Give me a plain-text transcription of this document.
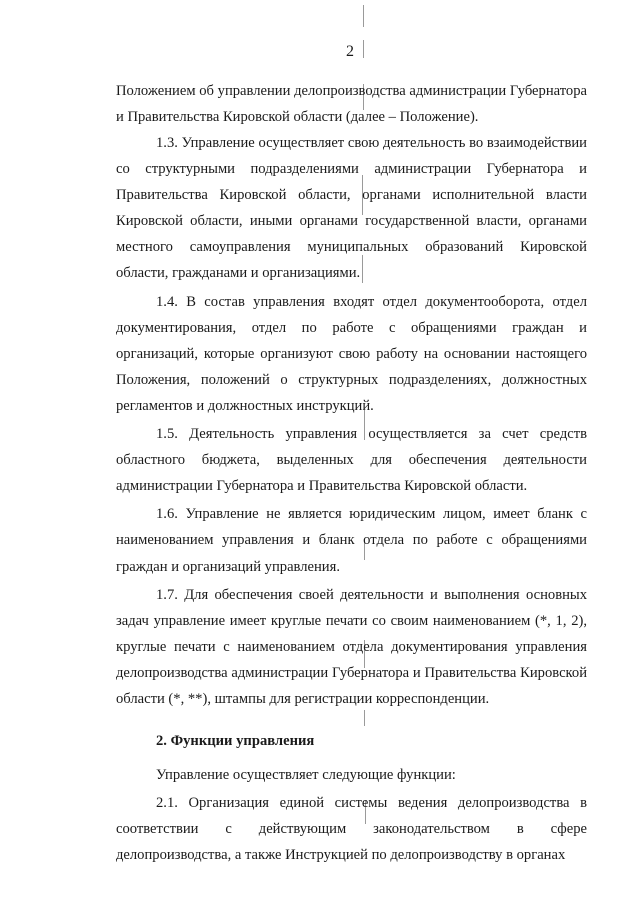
2

Положением об управлении делопроизводства администрации Губернатора и Правительства Кировской области (далее – Положение).

1.3. Управление осуществляет свою деятельность во взаимодействии со структурными подразделениями администрации Губернатора и Правительства Кировской области, органами исполнительной власти Кировской области, иными органами государственной власти, органами местного самоуправления муниципальных образований Кировской области, гражданами и организациями.

1.4. В состав управления входят отдел документооборота, отдел документирования, отдел по работе с обращениями граждан и организаций, которые организуют свою работу на основании настоящего Положения, положений о структурных подразделениях, должностных регламентов и должностных инструкций.

1.5. Деятельность управления осуществляется за счет средств областного бюджета, выделенных для обеспечения деятельности администрации Губернатора и Правительства Кировской области.

1.6. Управление не является юридическим лицом, имеет бланк с наименованием управления и бланк отдела по работе с обращениями граждан и организаций управления.

1.7. Для обеспечения своей деятельности и выполнения основных задач управление имеет круглые печати со своим наименованием (*, 1, 2), круглые печати с наименованием отдела документирования управления делопроизводства администрации Губернатора и Правительства Кировской области (*, **), штампы для регистрации корреспонденции.

2. Функции управления

Управление осуществляет следующие функции:

2.1. Организация единой системы ведения делопроизводства в соответствии с действующим законодательством в сфере делопроизводства, а также Инструкцией по делопроизводству в органах
